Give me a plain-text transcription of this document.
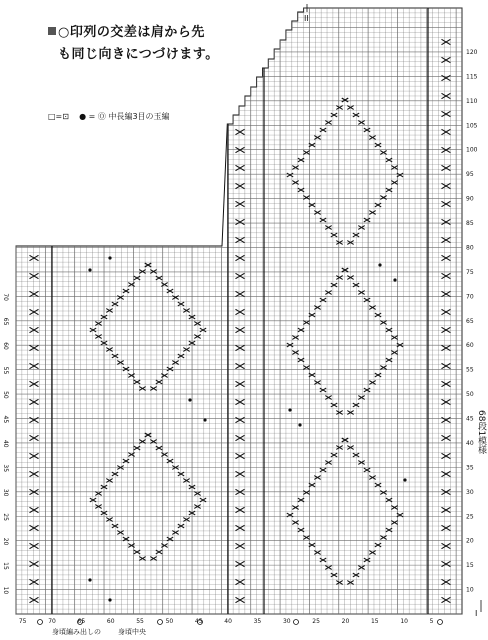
10
15
20
25
30
35
40
45
50
55
60
65
70
75
80
85
90
95
100
105
110
115
120
10
15
20
25
30
35
40
45
50
55
60
65
70
5
10
15
20
25
30
35
40
45
50
55
60
65
70
75
○印列の交差は肩から先
も同じ向きにつづけます。
□=⊡ ● = Ⓞ 中長編3目の玉編
68段1模様
II
I
身頃編み出しの 身頃中央
